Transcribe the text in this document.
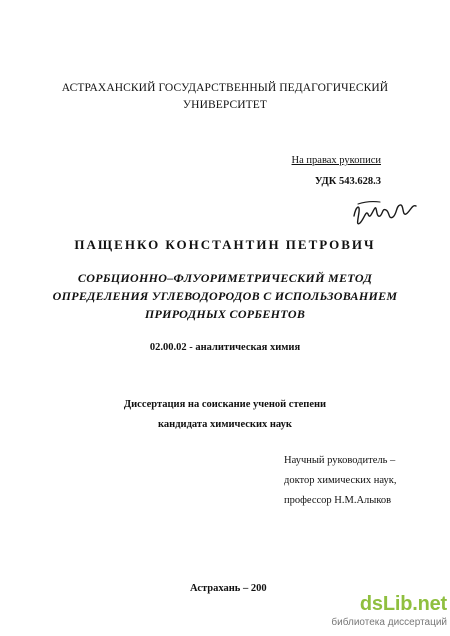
АСТРАХАНСКИЙ ГОСУДАРСТВЕННЫЙ ПЕДАГОГИЧЕСКИЙ
УНИВЕРСИТЕТ
На правах рукописи
УДК 543.628.3
ПАЩЕНКО КОНСТАНТИН ПЕТРОВИЧ
СОРБЦИОННО–ФЛУОРИМЕТРИЧЕСКИЙ МЕТОД
ОПРЕДЕЛЕНИЯ УГЛЕВОДОРОДОВ С ИСПОЛЬЗОВАНИЕМ
ПРИРОДНЫХ СОРБЕНТОВ
02.00.02 - аналитическая химия
Диссертация на соискание ученой степени
кандидата химических наук
Научный руководитель –
доктор химических наук,
профессор Н.М.Алыков
Астрахань – 200
dsLib.net
библиотека диссертаций
